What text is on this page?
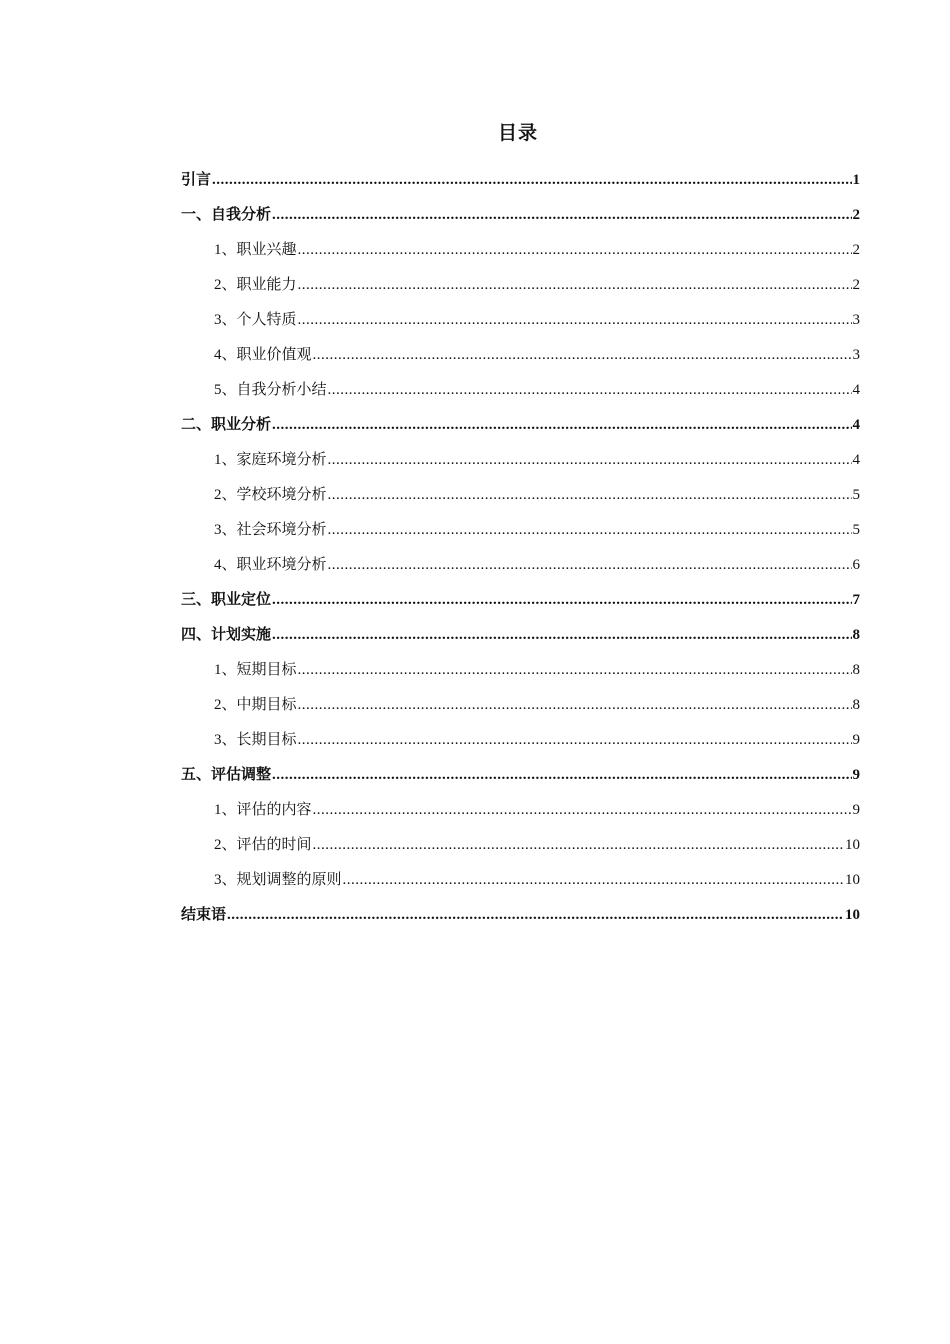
目录
引言 .....	1
一、自我分析 .....	2
1、职业兴趣 .....	2
2、职业能力 .....	2
3、个人特质 .....	3
4、职业价值观 .....	3
5、自我分析小结 .....	4
二、职业分析 .....	4
1、家庭环境分析 .....	4
2、学校环境分析 .....	5
3、社会环境分析 .....	5
4、职业环境分析 .....	6
三、职业定位 .....	7
四、计划实施 .....	8
1、短期目标 .....	8
2、中期目标 .....	8
3、长期目标 .....	9
五、评估调整 .....	9
1、评估的内容 .....	9
2、评估的时间 .....	10
3、规划调整的原则 .....	10
结束语 .....	10
